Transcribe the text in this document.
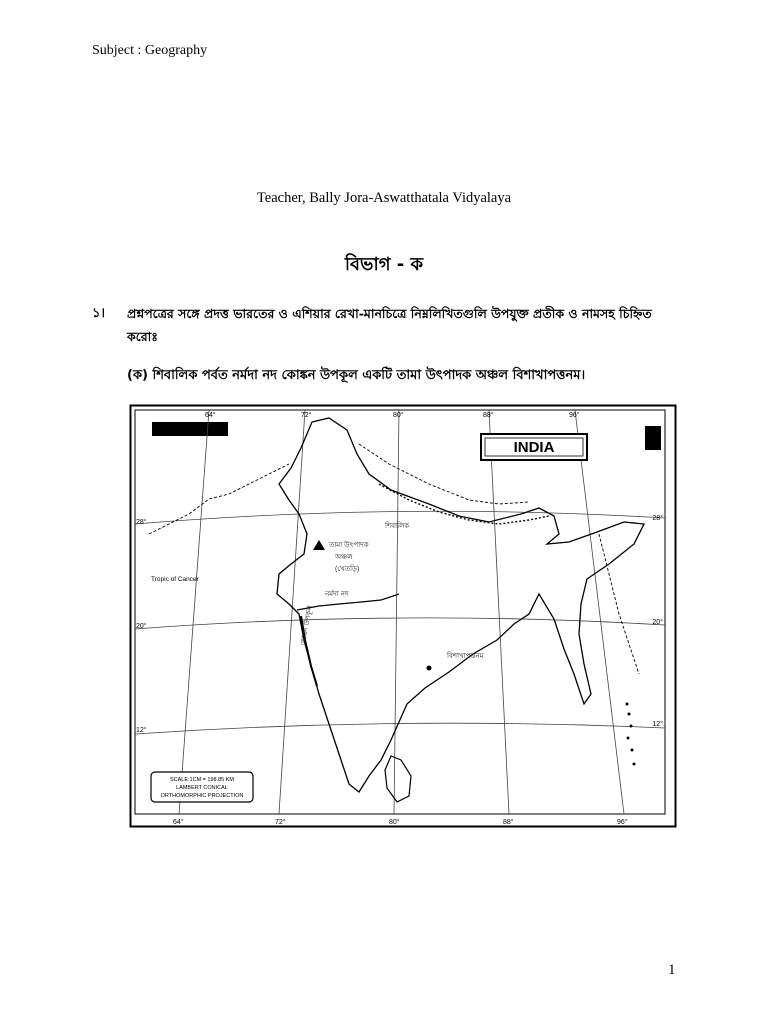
Subject : Geography
Teacher, Bally Jora-Aswatthatala Vidyalaya
বিভাগ - ক
১। প্রশ্নপত্রের সঙ্গে প্রদত্ত ভারতের ও এশিয়ার রেখা-মানচিত্রে নিম্নলিখিতগুলি উপযুক্ত প্রতীক ও নামসহ চিহ্নিত করোঃ
(ক) শিবালিক পর্বত নর্মদা নদ কোঙ্কন উপকূল একটি তামা উৎপাদক অঞ্চল বিশাখাপত্তনম।
INDIA
64°	72°	80°	88°	96°
64°	72°	80°	88°	96°
28°
20°
12°
28°
20°
12°
Tropic of Cancer
তামা উৎপাদক
অঞ্চল
(খেতড়ি)
শিবালিক
নর্মদা নদ
কোঙ্কন উপকূল
বিশাখাপত্তনম
SCALE:1CM = 198.85 KM
LAMBERT CONICAL
ORTHOMORPHIC PROJECTION
1
